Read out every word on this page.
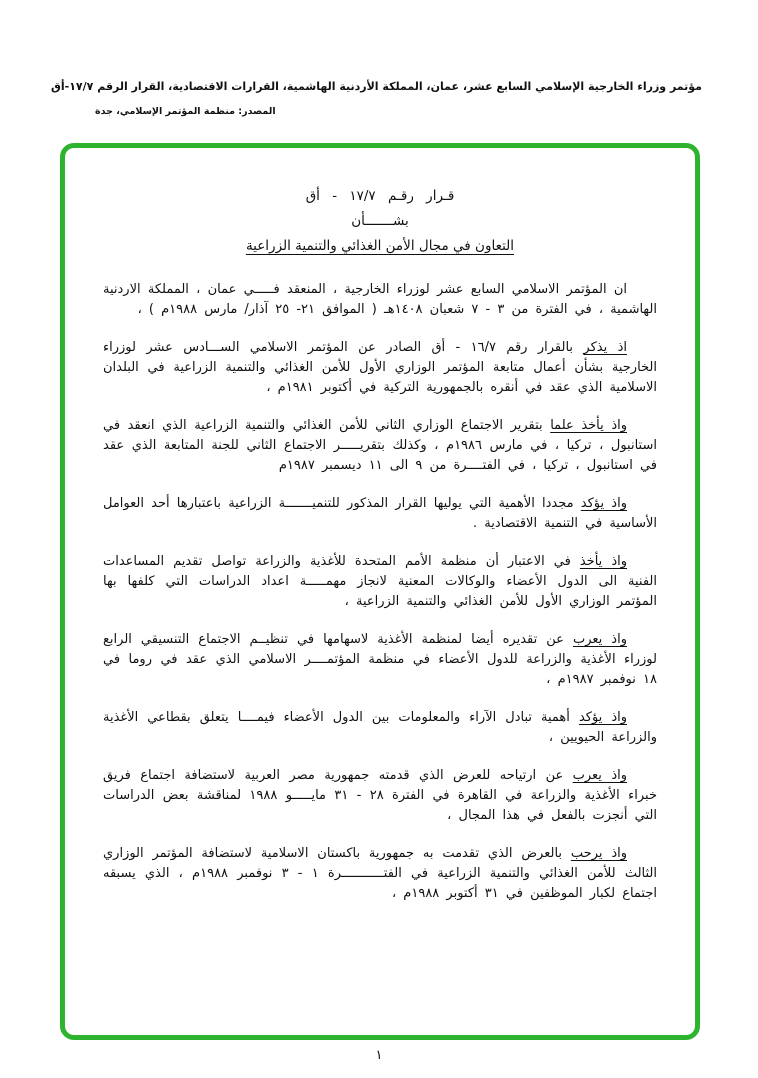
مؤتمر وزراء الخارجية الإسلامي السابع عشر، عمان، المملكة الأردنية الهاشمية، القرارات الاقتصادية، القرار الرقم ١٧/٧-أق
المصدر: منظمة المؤتمر الإسلامي، جدة
قـرار رقـم ١٧/٧ - أق
بشـــــــأن
التعاون في مجال الأمن الغذائي والتنمية الزراعية

ان المؤتمر الاسلامي السابع عشر لوزراء الخارجية ، المنعقد فـــــي عمان ، المملكة الاردنية الهاشمية ، في الفترة من ٣ - ٧ شعبان ١٤٠٨هـ ( الموافق ٢١- ٢٥ آذار/ مارس ١٩٨٨م ) ،

اذ يذكر بالقرار رقم ١٦/٧ - أق الصادر عن المؤتمر الاسلامي الســـادس عشر لوزراء الخارجية بشأن أعمال متابعة المؤتمر الوزاري الأول للأمن الغذائي والتنمية الزراعية في البلدان الاسلامية الذي عقد في أنقره بالجمهورية التركية في أكتوبر ١٩٨١م ،

واذ يأخذ علما بتقرير الاجتماع الوزاري الثاني للأمن الغذائي والتنمية الزراعية الذي انعقد في استانبول ، تركيا ، في مارس ١٩٨٦م ، وكذلك بتقريـــــر الاجتماع الثاني للجنة المتابعة الذي عقد في استانبول ، تركيا ، في الفتــــرة من ٩ الى ١١ ديسمبر ١٩٨٧م

واذ يؤكد مجددا الأهمية التي يوليها القرار المذكور للتنميـــــــة الزراعية باعتبارها أحد العوامل الأساسية في التنمية الاقتصادية .

واذ يأخذ في الاعتبار أن منظمة الأمم المتحدة للأغذية والزراعة تواصل تقديم المساعدات الفنية الى الدول الأعضاء والوكالات المعنية لانجاز مهمـــــة اعداد الدراسات التي كلفها بها المؤتمر الوزاري الأول للأمن الغذائي والتنمية الزراعية ،

واذ يعرب عن تقديره أيضا لمنظمة الأغذية لاسهامها في تنظيــم الاجتماع التنسيقي الرابع لوزراء الأغذية والزراعة للدول الأعضاء في منظمة المؤتمــــر الاسلامي الذي عقد في روما في ١٨ نوفمبر ١٩٨٧م ،

واذ يؤكد أهمية تبادل الآراء والمعلومات بين الدول الأعضاء فيمــــا يتعلق بقطاعي الأغذية والزراعة الحيويين ،

واذ يعرب عن ارتياحه للعرض الذي قدمته جمهورية مصر العربية لاستضافة اجتماع فريق خبراء الأغذية والزراعة في القاهرة في الفترة ٢٨ - ٣١ مايـــــو ١٩٨٨ لمناقشة بعض الدراسات التي أنجزت بالفعل في هذا المجال ،

واذ يرحب بالعرض الذي تقدمت به جمهورية باكستان الاسلامية لاستضافة المؤتمر الوزاري الثالث للأمن الغذائي والتنمية الزراعية في الفتـــــــــــرة ١ - ٣ نوفمبر ١٩٨٨م ، الذي يسبقه اجتماع لكبار الموظفين في ٣١ أكتوبر ١٩٨٨م ،

١
